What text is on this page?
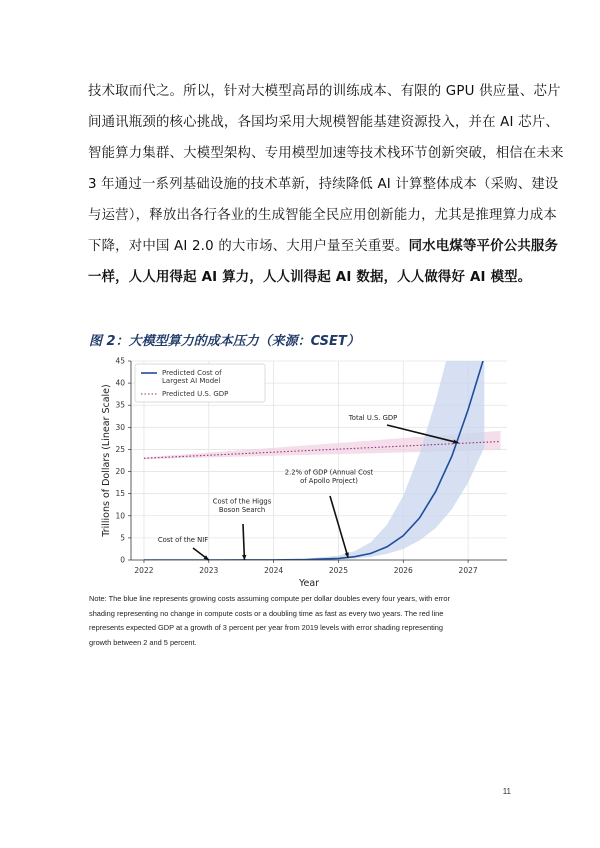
技术取而代之。所以，针对大模型高昂的训练成本、有限的 GPU 供应量、芯片
间通讯瓶颈的核心挑战，各国均采用大规模智能基建资源投入，并在 AI 芯片、
智能算力集群、大模型架构、专用模型加速等技术栈环节创新突破，相信在未来
3 年通过一系列基础设施的技术革新，持续降低 AI 计算整体成本（采购、建设
与运营），释放出各行各业的生成智能全民应用创新能力，尤其是推理算力成本
下降，对中国 AI 2.0 的大市场、大用户量至关重要。同水电煤等平价公共服务
一样，人人用得起 AI 算力，人人训得起 AI 数据，人人做得好 AI 模型。
图 2：大模型算力的成本压力（来源：CSET）
0
5
10
15
20
25
30
35
40
45
2022	2023	2024	2025	2026	2027
Year
Trillions of Dollars (Linear Scale)
Predicted Cost of
Largest AI Model
Predicted U.S. GDP
Cost of the NIF
Cost of the Higgs
Boson Search
2.2% of GDP (Annual Cost
of Apollo Project)
Total U.S. GDP
Note: The blue line represents growing costs assuming compute per dollar doubles every four years, with error
shading representing no change in compute costs or a doubling time as fast as every two years. The red line
represents expected GDP at a growth of 3 percent per year from 2019 levels with error shading representing
growth between 2 and 5 percent.
11
